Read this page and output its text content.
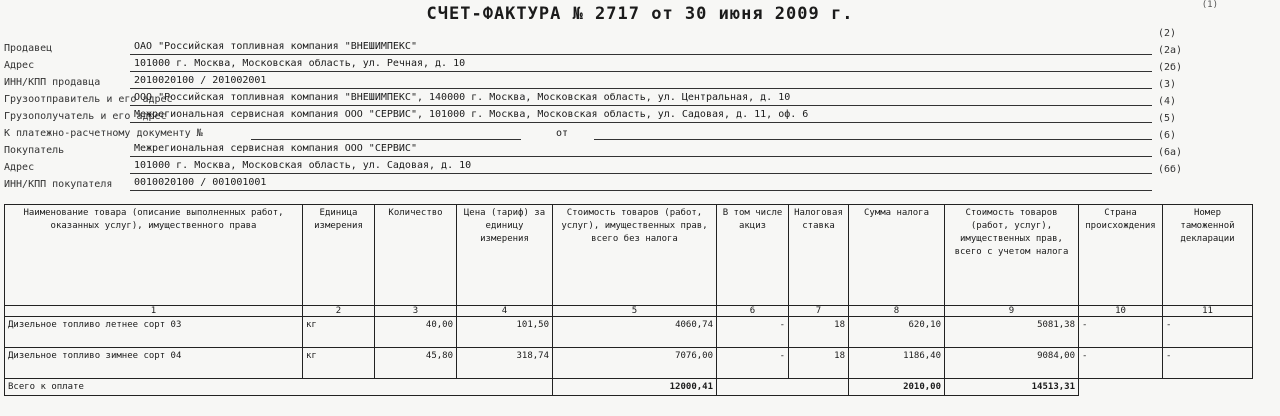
СЧЕТ-ФАКТУРА № 2717 от 30 июня 2009 г.	(1)
Продавец	ОАО "Российская топливная компания "ВНЕШИМПЕКС"
Адрес	101000 г. Москва, Московская область, ул. Речная, д. 10
ИНН/КПП продавца	2010020100 / 201002001
Грузоотправитель и его адрес
ООО "Российская топливная компания "ВНЕШИМПЕКС", 140000 г. Москва, Московская область, ул. Центральная, д. 10
Грузополучатель и его адрес
Межрегиональная сервисная компания ООО "СЕРВИС", 101000 г. Москва, Московская область, ул. Садовая, д. 11, оф. 6
К платежно-расчетному документу №	от
Покупатель	Межрегиональная сервисная компания ООО "СЕРВИС"
Адрес	101000 г. Москва, Московская область, ул. Садовая, д. 10
ИНН/КПП покупателя	0010020100 / 001001001
(2)
(2а)
(2б)
(3)
(4)
(5)
(6)
(6а)
(6б)
Наименование товара (описание выполненных работ, оказанных услуг), имущественного права	Единица измерения	Количество	Цена (тариф) за единицу измерения	Стоимость товаров (работ, услуг), имущественных прав, всего без налога	В том числе акциз	Налоговая ставка	Сумма налога	Стоимость товаров (работ, услуг), имущественных прав, всего с учетом налога	Страна происхождения	Номер таможенной декларации
1	2	3	4	5	6	7	8	9	10	11
Дизельное топливо летнее сорт 03	кг	40,00	101,50	4060,74	-	18	620,10	5081,38	-	-
Дизельное топливо зимнее сорт 04	кг	45,80	318,74	7076,00	-	18	1186,40	9084,00	-	-
Всего к оплате				12000,41			2010,00	14513,31		
